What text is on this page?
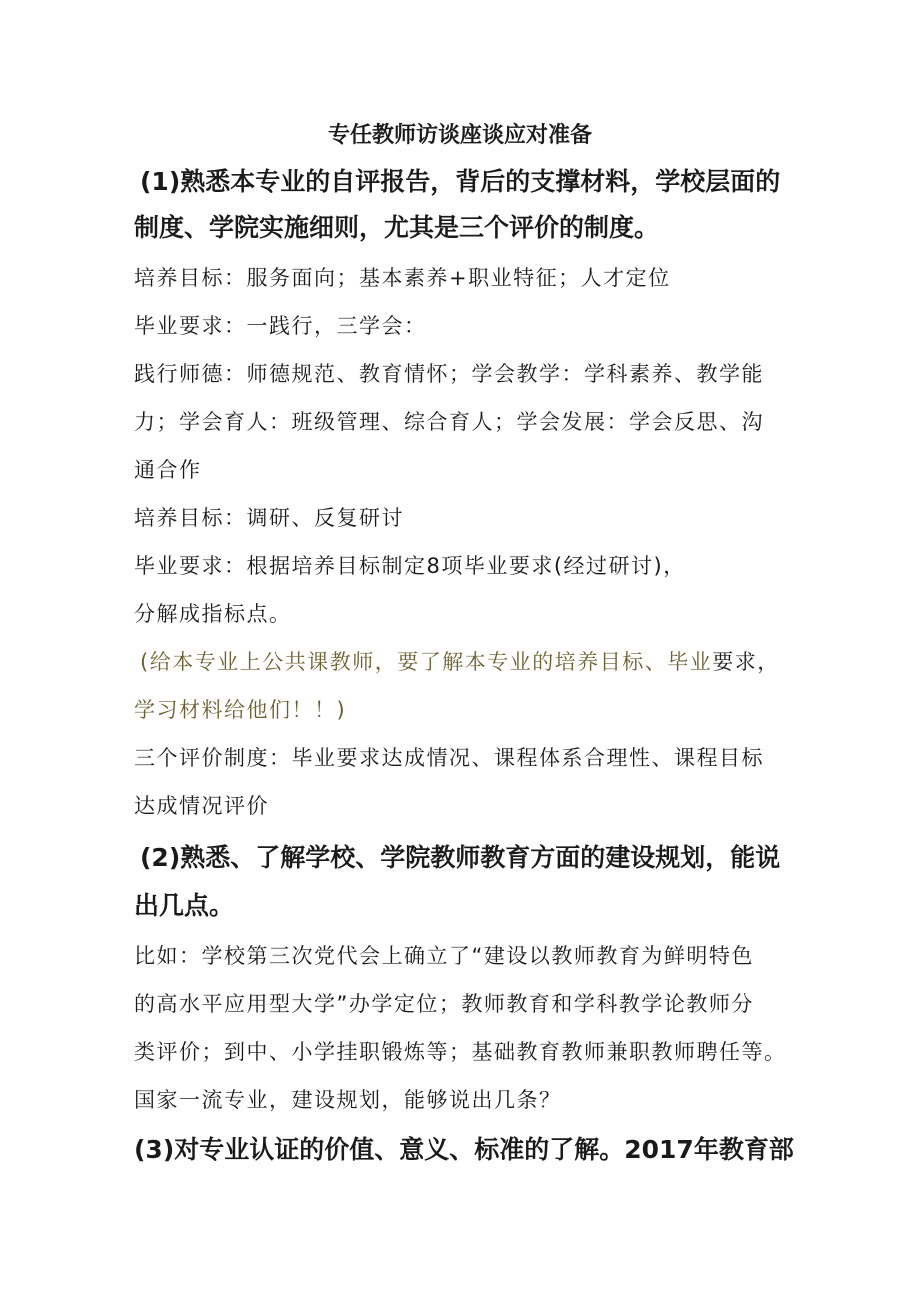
专任教师访谈座谈应对准备
(1)熟悉本专业的自评报告，背后的支撑材料，学校层面的
制度、学院实施细则，尤其是三个评价的制度。
培养目标：服务面向；基本素养+职业特征；人才定位
毕业要求：一践行，三学会：
践行师德：师德规范、教育情怀；学会教学：学科素养、教学能
力；学会育人：班级管理、综合育人；学会发展：学会反思、沟
通合作
培养目标：调研、反复研讨
毕业要求：根据培养目标制定8项毕业要求(经过研讨)，
分解成指标点。
(给本专业上公共课教师，要了解本专业的培养目标、毕业要求，
学习材料给他们！！)
三个评价制度：毕业要求达成情况、课程体系合理性、课程目标
达成情况评价
(2)熟悉、了解学校、学院教师教育方面的建设规划，能说
出几点。
比如：学校第三次党代会上确立了“建设以教师教育为鲜明特色
的高水平应用型大学”办学定位；教师教育和学科教学论教师分
类评价；到中、小学挂职锻炼等；基础教育教师兼职教师聘任等。
国家一流专业，建设规划，能够说出几条？
(3)对专业认证的价值、意义、标准的了解。2017年教育部
